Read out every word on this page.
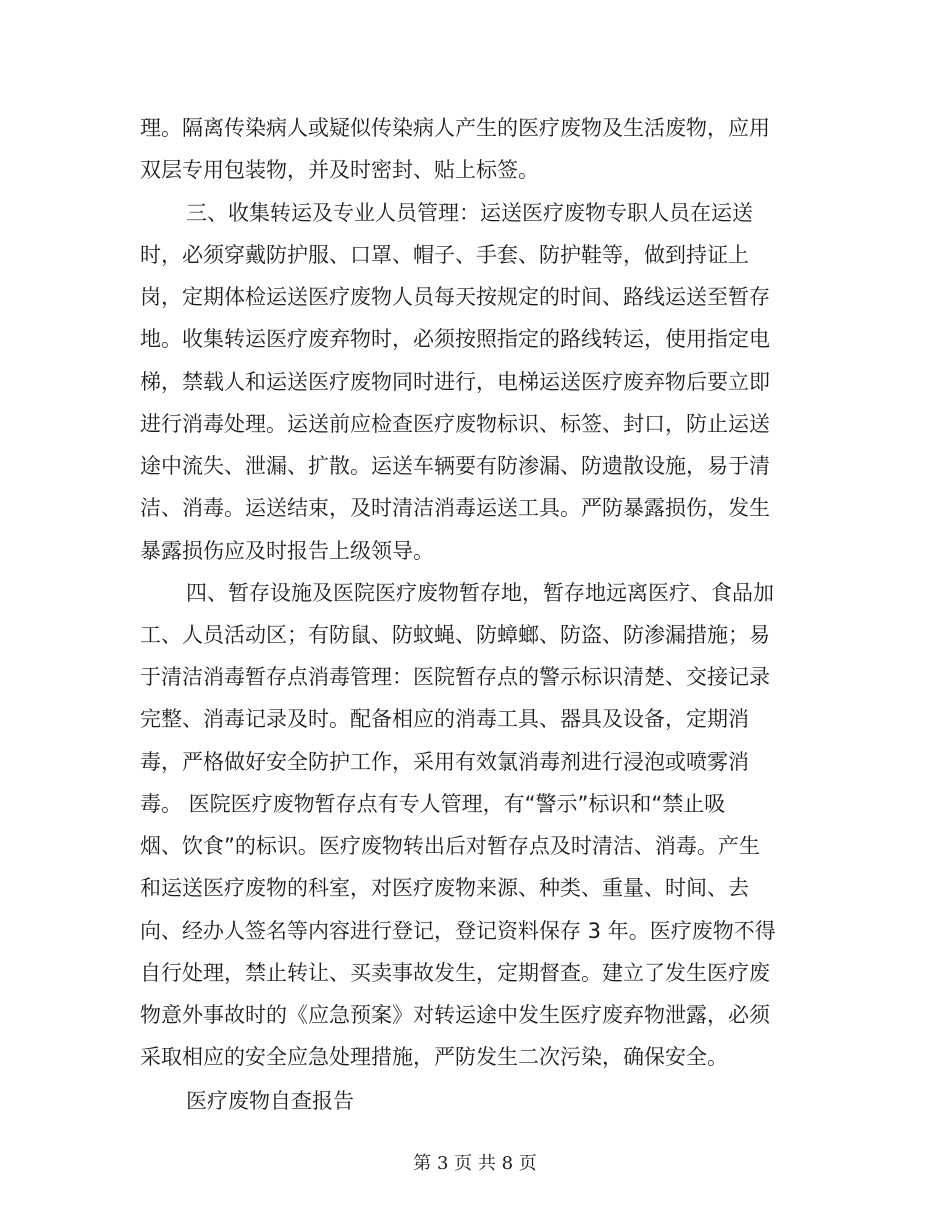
理。隔离传染病人或疑似传染病人产生的医疗废物及生活废物，应用
双层专用包装物，并及时密封、贴上标签。
三、收集转运及专业人员管理：运送医疗废物专职人员在运送
时，必须穿戴防护服、口罩、帽子、手套、防护鞋等，做到持证上
岗，定期体检运送医疗废物人员每天按规定的时间、路线运送至暂存
地。收集转运医疗废弃物时，必须按照指定的路线转运，使用指定电
梯，禁载人和运送医疗废物同时进行，电梯运送医疗废弃物后要立即
进行消毒处理。运送前应检查医疗废物标识、标签、封口，防止运送
途中流失、泄漏、扩散。运送车辆要有防渗漏、防遗散设施，易于清
洁、消毒。运送结束，及时清洁消毒运送工具。严防暴露损伤，发生
暴露损伤应及时报告上级领导。
四、暂存设施及医院医疗废物暂存地，暂存地远离医疗、食品加
工、人员活动区；有防鼠、防蚊蝇、防蟑螂、防盗、防渗漏措施；易
于清洁消毒暂存点消毒管理：医院暂存点的警示标识清楚、交接记录
完整、消毒记录及时。配备相应的消毒工具、器具及设备，定期消
毒，严格做好安全防护工作，采用有效氯消毒剂进行浸泡或喷雾消
毒。 医院医疗废物暂存点有专人管理，有“警示”标识和“禁止吸
烟、饮食”的标识。医疗废物转出后对暂存点及时清洁、消毒。产生
和运送医疗废物的科室，对医疗废物来源、种类、重量、时间、去
向、经办人签名等内容进行登记，登记资料保存 3 年。医疗废物不得
自行处理，禁止转让、买卖事故发生，定期督查。建立了发生医疗废
物意外事故时的《应急预案》对转运途中发生医疗废弃物泄露，必须
采取相应的安全应急处理措施，严防发生二次污染，确保安全。
医疗废物自查报告
第 3 页 共 8 页
